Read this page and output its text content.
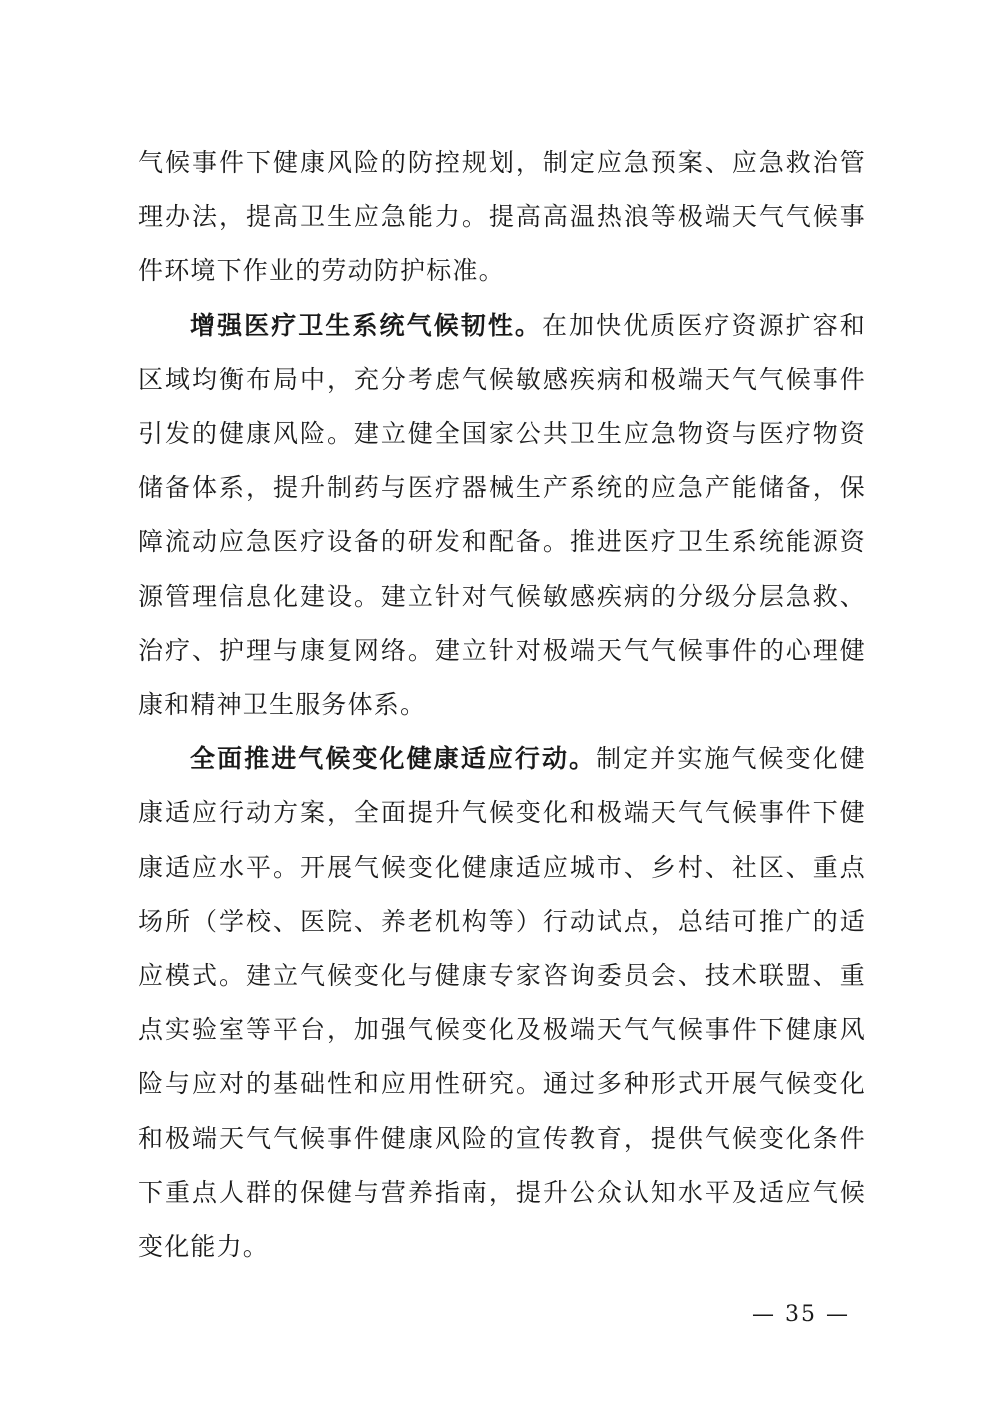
气候事件下健康风险的防控规划，制定应急预案、应急救治管理办法，提高卫生应急能力。提高高温热浪等极端天气气候事件环境下作业的劳动防护标准。

增强医疗卫生系统气候韧性。在加快优质医疗资源扩容和区域均衡布局中，充分考虑气候敏感疾病和极端天气气候事件引发的健康风险。建立健全国家公共卫生应急物资与医疗物资储备体系，提升制药与医疗器械生产系统的应急产能储备，保障流动应急医疗设备的研发和配备。推进医疗卫生系统能源资源管理信息化建设。建立针对气候敏感疾病的分级分层急救、治疗、护理与康复网络。建立针对极端天气气候事件的心理健康和精神卫生服务体系。

全面推进气候变化健康适应行动。制定并实施气候变化健康适应行动方案，全面提升气候变化和极端天气气候事件下健康适应水平。开展气候变化健康适应城市、乡村、社区、重点场所（学校、医院、养老机构等）行动试点，总结可推广的适应模式。建立气候变化与健康专家咨询委员会、技术联盟、重点实验室等平台，加强气候变化及极端天气气候事件下健康风险与应对的基础性和应用性研究。通过多种形式开展气候变化和极端天气气候事件健康风险的宣传教育，提供气候变化条件下重点人群的保健与营养指南，提升公众认知水平及适应气候变化能力。

— 35 —
